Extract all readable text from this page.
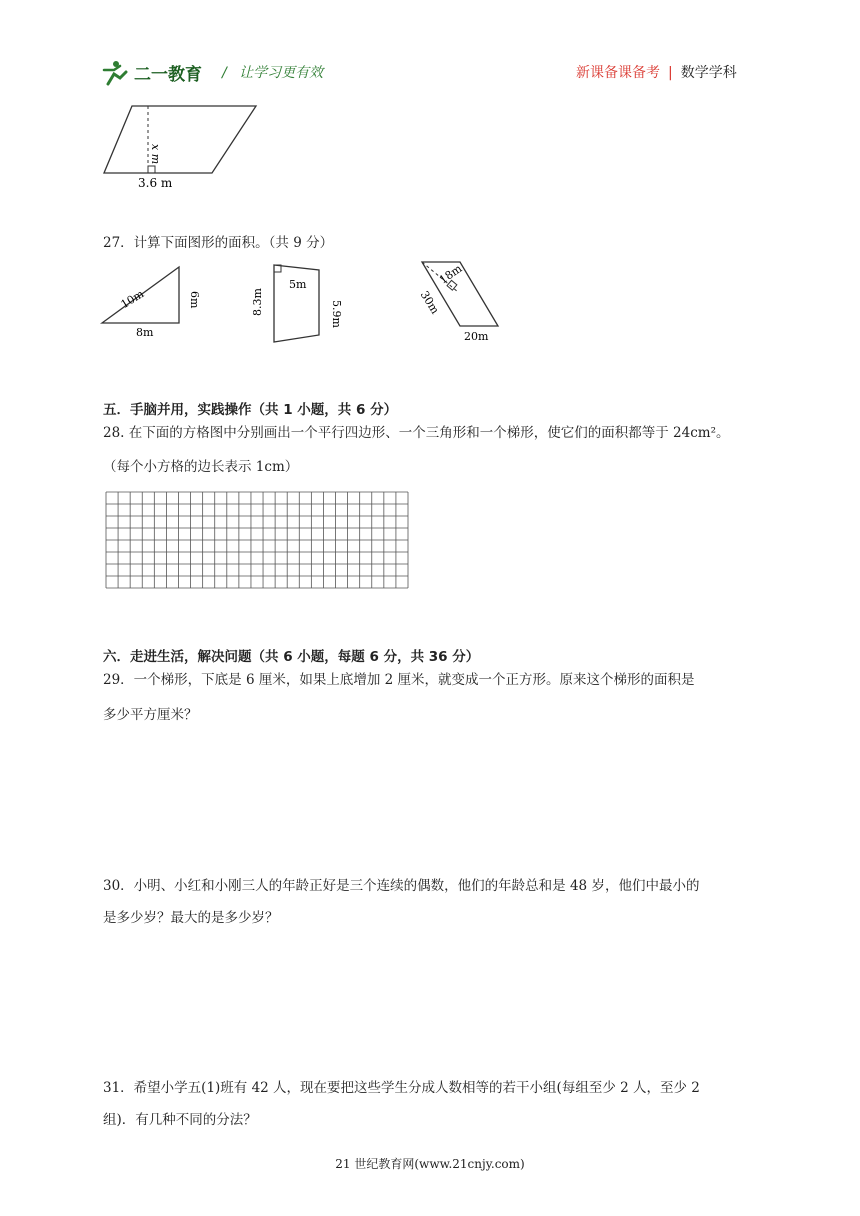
二一教育 / 让学习更有效	新课备课备考 | 数学学科
x m
3.6 m
27．计算下面图形的面积。（共 9 分）
10m	6m
8m
5m
8.3m	5.9m
18m
30m
20m
五．手脑并用，实践操作（共 1 小题，共 6 分）
28. 在下面的方格图中分别画出一个平行四边形、一个三角形和一个梯形，使它们的面积都等于 24cm²。
（每个小方格的边长表示 1cm）
六．走进生活，解决问题（共 6 小题，每题 6 分，共 36 分）
29．一个梯形，下底是 6 厘米，如果上底增加 2 厘米，就变成一个正方形。原来这个梯形的面积是
多少平方厘米？
30．小明、小红和小刚三人的年龄正好是三个连续的偶数，他们的年龄总和是 48 岁，他们中最小的
是多少岁？最大的是多少岁？
31．希望小学五(1)班有 42 人，现在要把这些学生分成人数相等的若干小组(每组至少 2 人，至少 2
组)．有几种不同的分法？
21 世纪教育网(www.21cnjy.com)
